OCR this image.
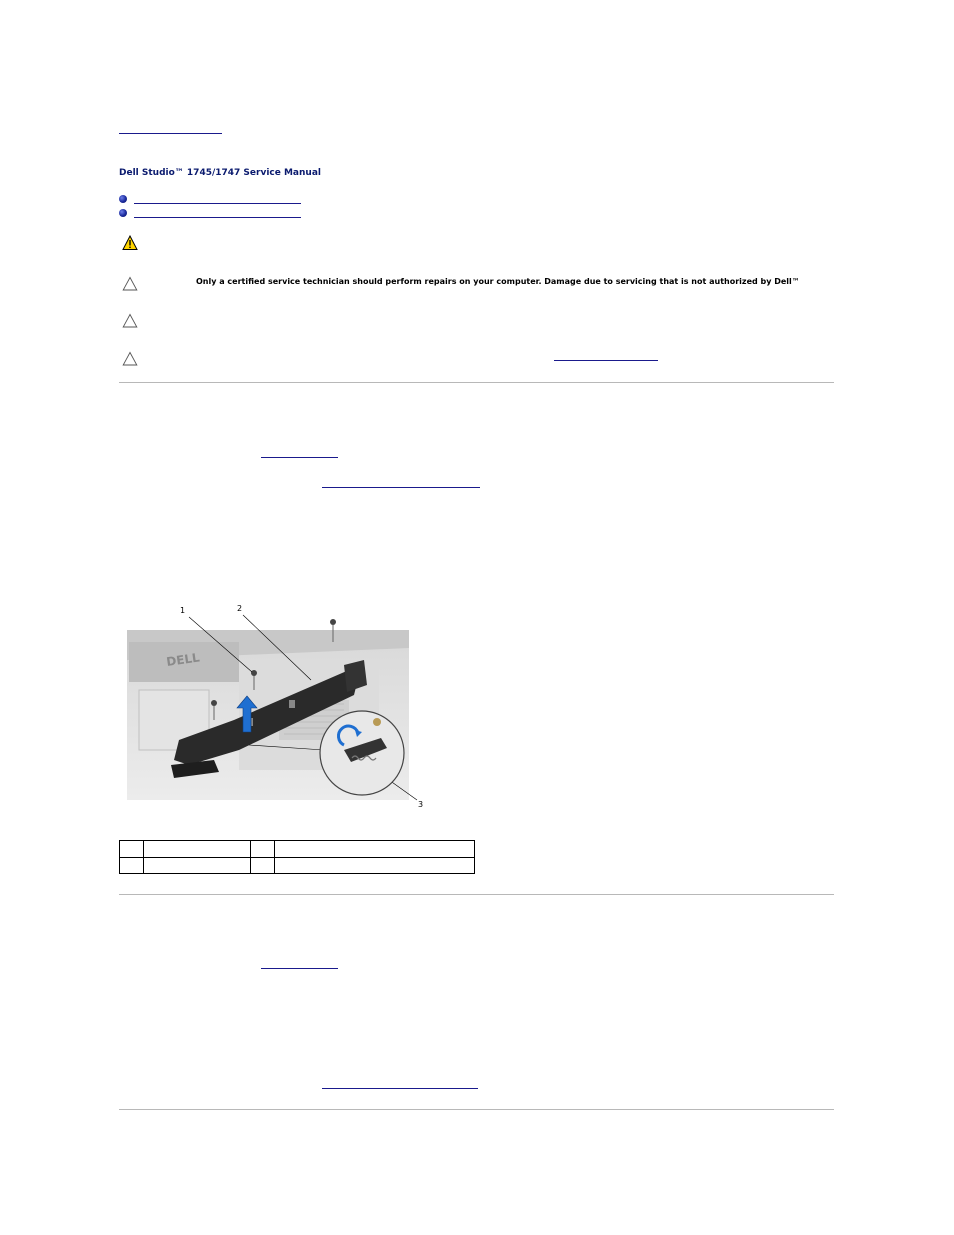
Dell Studio™ 1745/1747 Service Manual
Only a certified service technician should perform repairs on your computer. Damage due to servicing that is not authorized by Dell™
DELL
1	2
3
